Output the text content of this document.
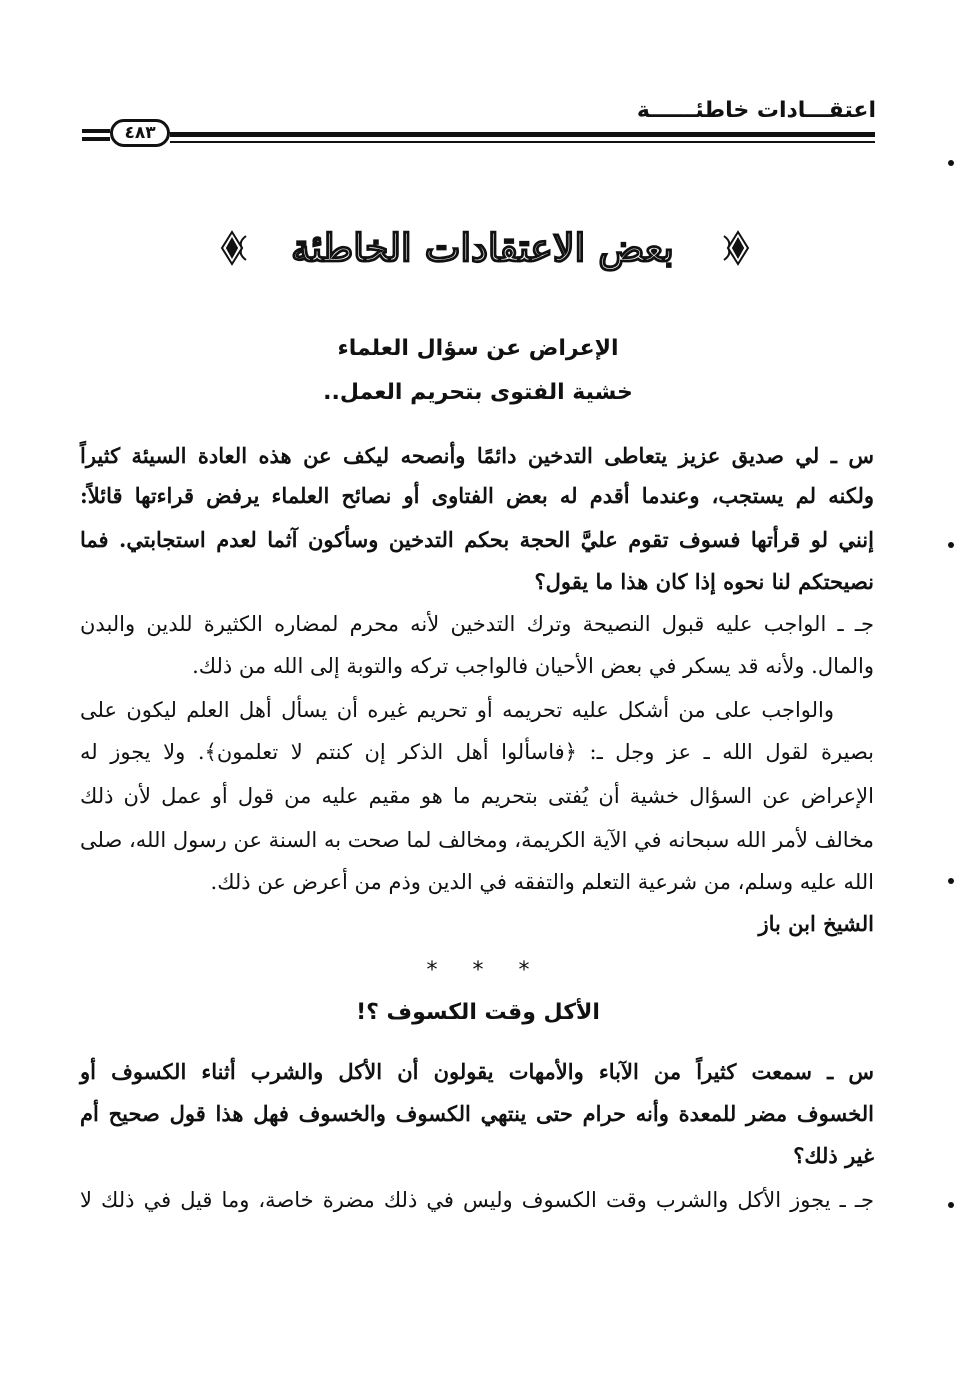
اعتقـــادات خاطئــــــة
٤٨٣
بعض الاعتقادات الخاطئة
الإعراض عن سؤال العلماء
خشية الفتوى بتحريم العمل..
س ـ لي صديق عزيز يتعاطى التدخين دائمًا وأنصحه ليكف عن هذه العادة السيئة كثيراً
ولكنه لم يستجب، وعندما أقدم له بعض الفتاوى أو نصائح العلماء يرفض قراءتها قائلاً:
إنني لو قرأتها فسوف تقوم عليَّ الحجة بحكم التدخين وسأكون آثما لعدم استجابتي. فما
نصيحتكم لنا نحوه إذا كان هذا ما يقول؟
جـ ـ الواجب عليه قبول النصيحة وترك التدخين لأنه محرم لمضاره الكثيرة للدين والبدن
والمال. ولأنه قد يسكر في بعض الأحيان فالواجب تركه والتوبة إلى الله من ذلك.
والواجب على من أشكل عليه تحريمه أو تحريم غيره أن يسأل أهل العلم ليكون على
بصيرة لقول الله ـ عز وجل ـ: ﴿فاسألوا أهل الذكر إن كنتم لا تعلمون﴾. ولا يجوز له
الإعراض عن السؤال خشية أن يُفتى بتحريم ما هو مقيم عليه من قول أو عمل لأن ذلك
مخالف لأمر الله سبحانه في الآية الكريمة، ومخالف لما صحت به السنة عن رسول الله، صلى
الله عليه وسلم، من شرعية التعلم والتفقه في الدين وذم من أعرض عن ذلك.
الشيخ ابن باز
* * *
الأكل وقت الكسوف ؟!
س ـ سمعت كثيراً من الآباء والأمهات يقولون أن الأكل والشرب أثناء الكسوف أو
الخسوف مضر للمعدة وأنه حرام حتى ينتهي الكسوف والخسوف فهل هذا قول صحيح أم
غير ذلك؟
جـ ـ يجوز الأكل والشرب وقت الكسوف وليس في ذلك مضرة خاصة، وما قيل في ذلك لا
